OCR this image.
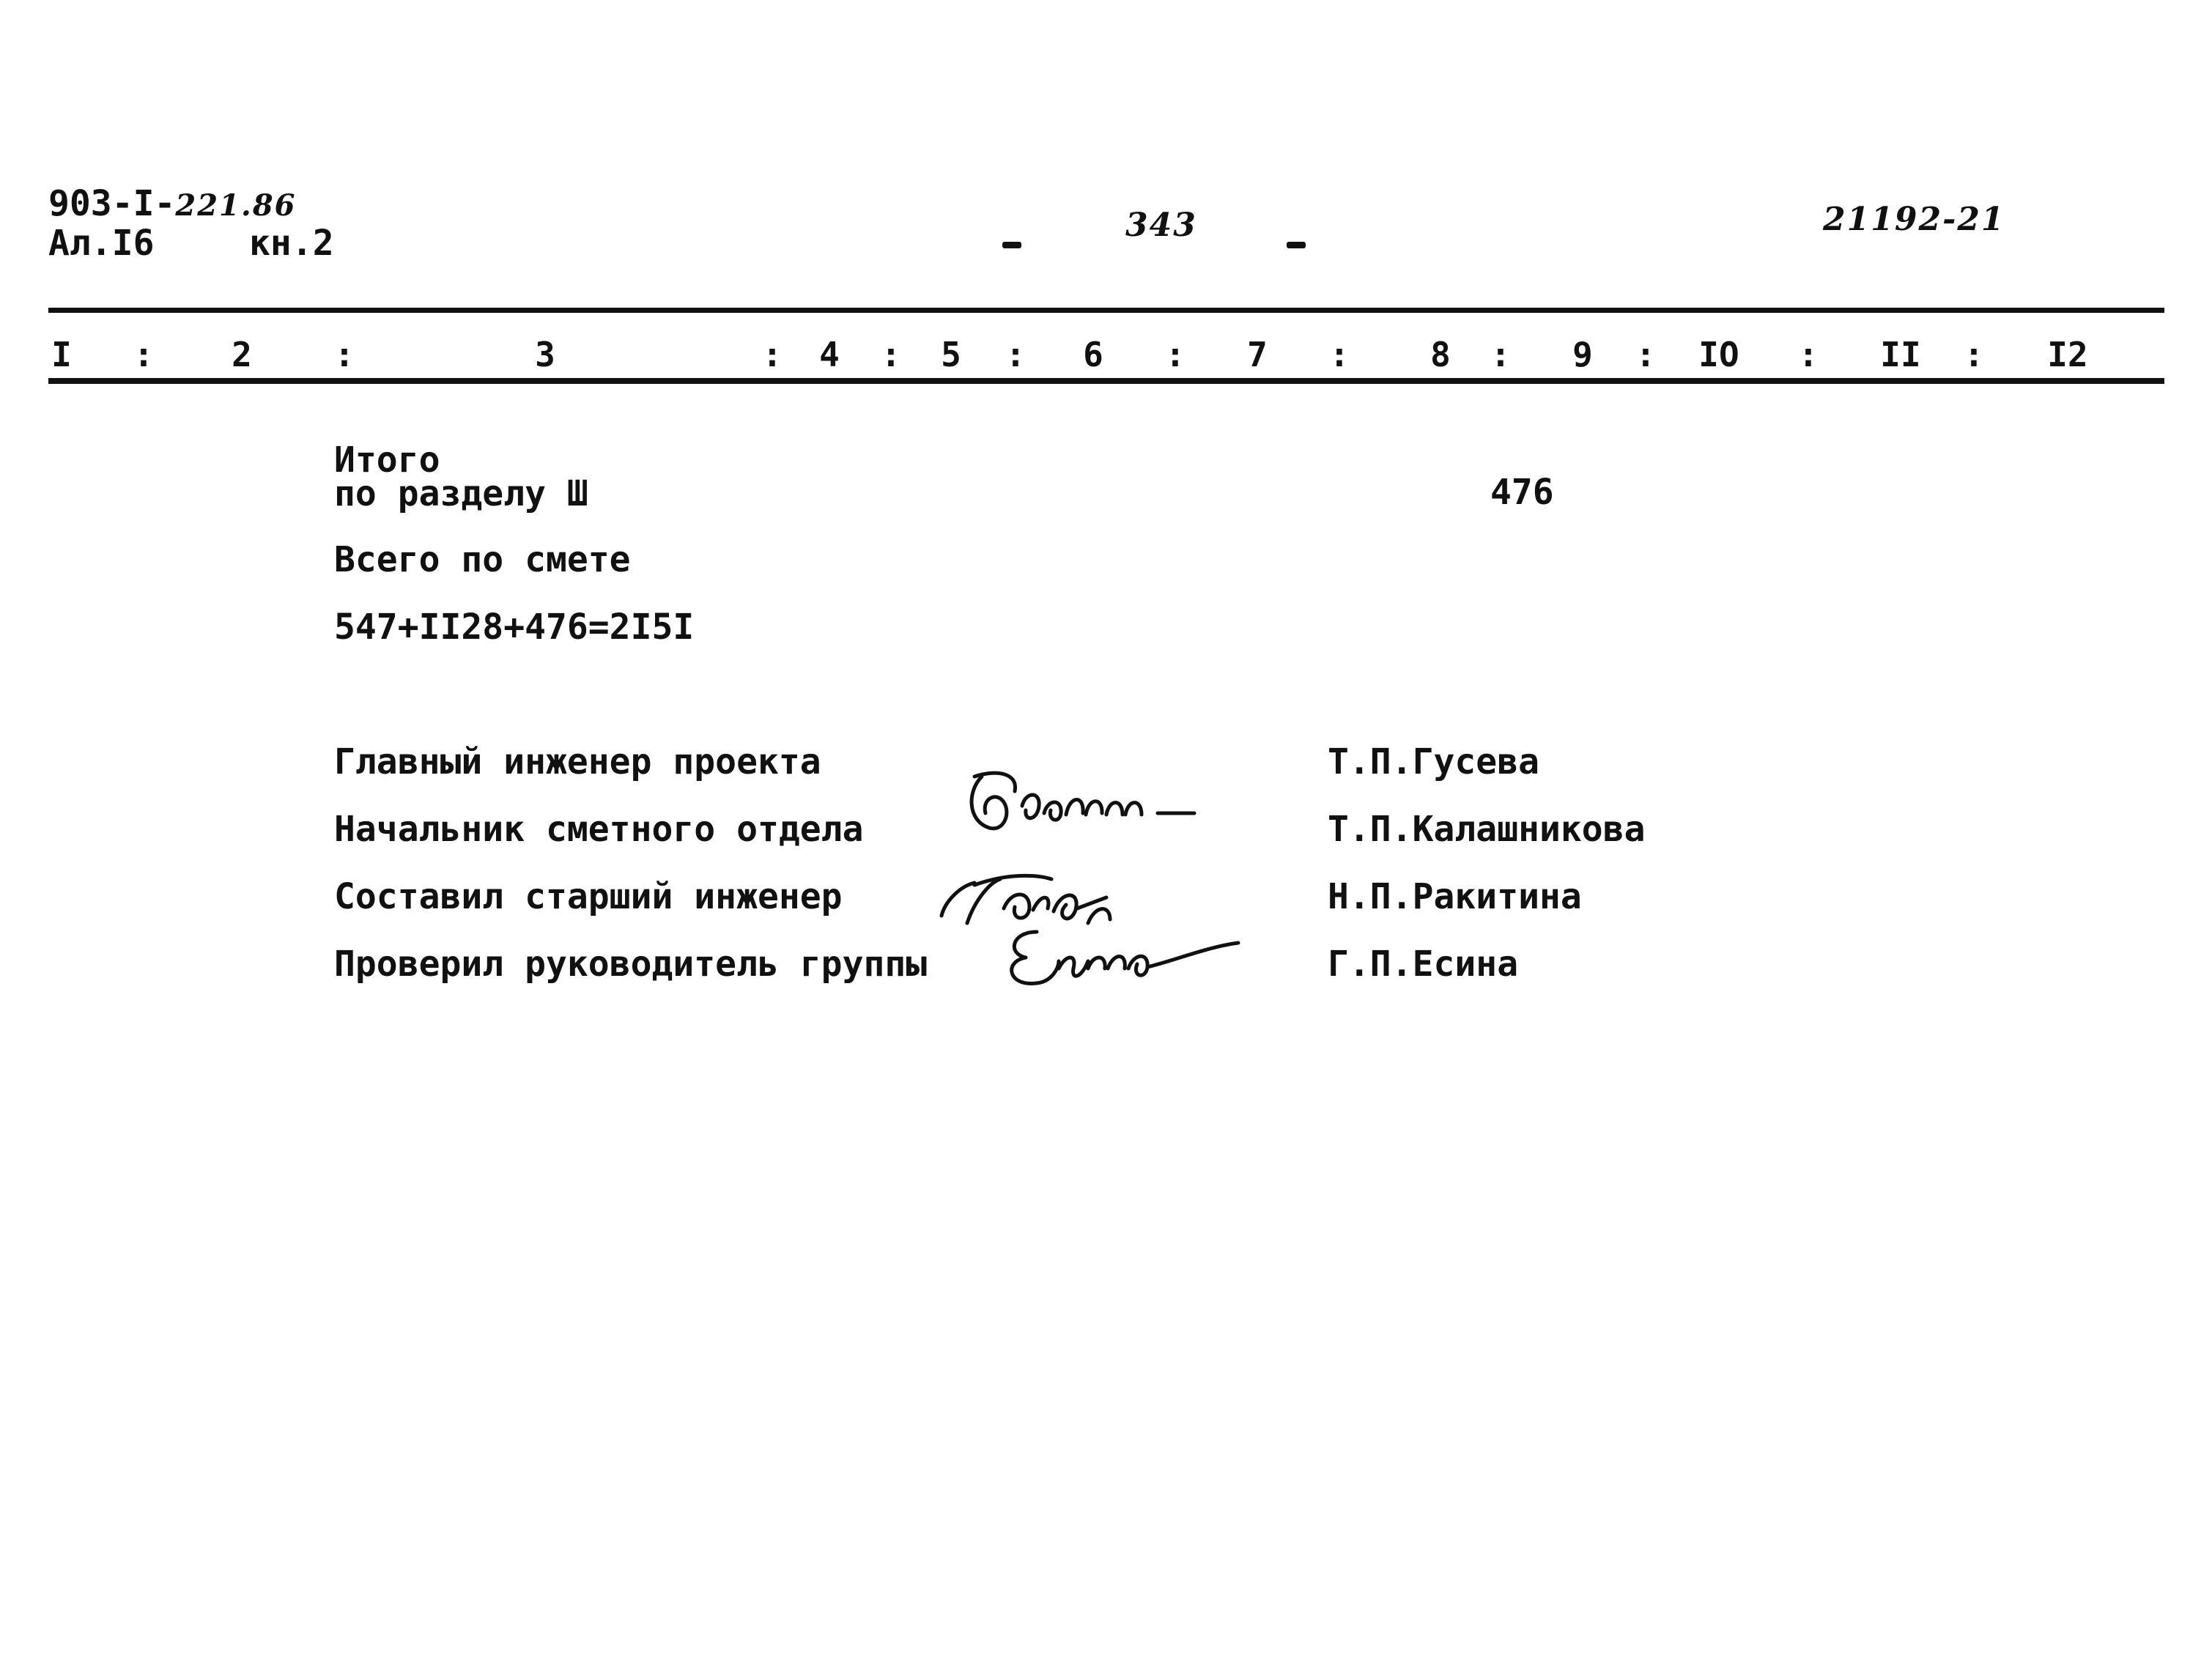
903-I-221.86
Ал.I6	кн.2	343	21192-21
I	2	3	4	5	6	7	8	9	IO	II	I2
:	:	:	:	:	:	:	:	:	:	:
Итого
по разделу Ш	476
Всего по смете
547+II28+476=2I5I
Главный инженер проекта	Т.П.Гусева
Начальник сметного отдела	Т.П.Калашникова
Составил старший инженер	Н.П.Ракитина
Проверил руководитель группы	Г.П.Есина
